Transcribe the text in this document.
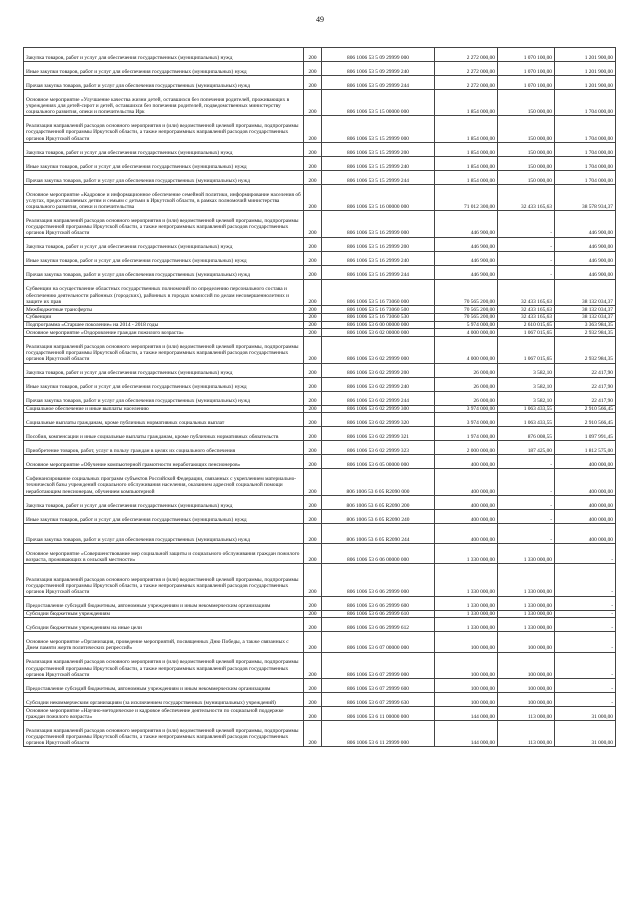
49
Закупка товаров, работ и услуг для обеспечения государственных (муниципальных) нужд	200	806 1006 53 5 09 29999 000	2 272 000,00	1 070 100,00	1 201 900,00
Иные закупки товаров, работ и услуг для обеспечения государственных (муниципальных) нужд	200	806 1006 53 5 09 29999 240	2 272 000,00	1 070 100,00	1 201 900,00
Прочая закупка товаров, работ и услуг для обеспечения государственных (муниципальных) нужд	200	806 1006 53 5 09 29999 244	2 272 000,00	1 070 100,00	1 201 900,00
Основное мероприятие «Улучшение качества жизни детей, оставшихся без попечения родителей, проживающих в учреждениях для детей-сирот и детей, оставшихся без попечения родителей, подведомственных министерству социального развития, опеки и попечительства Ирк	200	806 1006 53 5 15 00000 000	1 854 000,00	150 000,00	1 704 000,00
Реализация направлений расходов основного мероприятия и (или) ведомственной целевой программы, подпрограммы государственной программы Иркутской области, а также непрограммных направлений расходов государственных органов Иркутской области	200	806 1006 53 5 15 29999 000	1 854 000,00	150 000,00	1 704 000,00
Закупка товаров, работ и услуг для обеспечения государственных (муниципальных) нужд	200	806 1006 53 5 15 29999 200	1 854 000,00	150 000,00	1 704 000,00
Иные закупки товаров, работ и услуг для обеспечения государственных (муниципальных) нужд	200	806 1006 53 5 15 29999 240	1 854 000,00	150 000,00	1 704 000,00
Прочая закупка товаров, работ и услуг для обеспечения государственных (муниципальных) нужд	200	806 1006 53 5 15 29999 244	1 854 000,00	150 000,00	1 704 000,00
Основное мероприятие «Кадровое и информационное обеспечение семейной политики, информирование населения об услугах, предоставляемых детям и семьям с детьми в Иркутской области, в рамках полномочий министерства социального развития, опеки и попечительства	200	806 1006 53 5 16 00000 000	71 012 300,00	32 433 165,63	38 578 934,37
Реализация направлений расходов основного мероприятия и (или) ведомственной целевой программы, подпрограммы государственной программы Иркутской области, а также непрограммных направлений расходов государственных органов Иркутской области	200	806 1006 53 5 16 29999 000	446 900,00	-	446 900,00
Закупка товаров, работ и услуг для обеспечения государственных (муниципальных) нужд	200	806 1006 53 5 16 29999 200	446 900,00	-	446 900,00
Иные закупки товаров, работ и услуг для обеспечения государственных (муниципальных) нужд	200	806 1006 53 5 16 29999 240	446 900,00	-	446 900,00
Прочая закупка товаров, работ и услуг для обеспечения государственных (муниципальных) нужд	200	806 1006 53 5 16 29999 244	446 900,00	-	446 900,00
Субвенции на осуществление областных государственных полномочий по определению персонального состава и обеспечению деятельности районных (городских), районных в городах комиссий по делам несовершеннолетних и защите их прав	200	806 1006 53 5 16 73060 000	70 565 200,00	32 433 165,63	38 132 034,37
Межбюджетные трансферты	200	806 1006 53 5 16 73060 500	70 565 200,00	32 433 165,63	38 132 034,37
Субвенции	200	806 1006 53 5 16 73060 530	70 565 200,00	32 433 165,63	38 132 034,37
Подпрограмма «Старшее поколение» на 2014 - 2018 годы	200	806 1006 53 6 00 00000 000	5 974 000,00	2 610 015,65	3 363 984,35
Основное мероприятие «Оздоровление граждан пожилого возраста»	200	806 1006 53 6 02 00000 000	4 000 000,00	1 067 015,65	2 932 984,35
Реализация направлений расходов основного мероприятия и (или) ведомственной целевой программы, подпрограммы государственной программы Иркутской области, а также непрограммных направлений расходов государственных органов Иркутской области	200	806 1006 53 6 02 29999 000	4 000 000,00	1 067 015,65	2 932 984,35
Закупка товаров, работ и услуг для обеспечения государственных (муниципальных) нужд	200	806 1006 53 6 02 29999 200	26 000,00	3 582,10	22 417,90
Иные закупки товаров, работ и услуг для обеспечения государственных (муниципальных) нужд	200	806 1006 53 6 02 29999 240	26 000,00	3 582,10	22 417,90
Прочая закупка товаров, работ и услуг для обеспечения государственных (муниципальных) нужд	200	806 1006 53 6 02 29999 244	26 000,00	3 582,10	22 417,90
Социальное обеспечение и иные выплаты населению	200	806 1006 53 6 02 29999 300	3 974 000,00	1 063 433,55	2 910 566,45
Социальные выплаты гражданам, кроме публичных нормативных социальных выплат	200	806 1006 53 6 02 29999 320	3 974 000,00	1 063 433,55	2 910 566,45
Пособия, компенсации и иные социальные выплаты гражданам, кроме публичных нормативных обязательств	200	806 1006 53 6 02 29999 321	1 974 000,00	876 008,55	1 097 991,45
Приобретение товаров, работ, услуг в пользу граждан в целях их социального обеспечения	200	806 1006 53 6 02 29999 323	2 000 000,00	187 425,00	1 812 575,00
Основное мероприятие «Обучение компьютерной грамотности неработающих пенсионеров»	200	806 1006 53 6 05 00000 000	400 000,00	-	400 000,00
Софинансирование социальных программ субъектов Российской Федерации, связанных с укреплением материально-технической базы учреждений социального обслуживания населения, оказанием адресной социальной помощи неработающим пенсионерам, обучением компьютерной	200	806 1006 53 6 05 R2090 000	400 000,00	-	400 000,00
Закупка товаров, работ и услуг для обеспечения государственных (муниципальных) нужд	200	806 1006 53 6 05 R2090 200	400 000,00	-	400 000,00
Иные закупки товаров, работ и услуг для обеспечения государственных (муниципальных) нужд	200	806 1006 53 6 05 R2090 240	400 000,00	-	400 000,00
Прочая закупка товаров, работ и услуг для обеспечения государственных (муниципальных) нужд	200	806 1006 53 6 05 R2090 244	400 000,00	-	400 000,00
Основное мероприятие «Совершенствование мер социальной защиты и социального обслуживания граждан пожилого возраста, проживающих в сельской местности»	200	806 1006 53 6 06 00000 000	1 330 000,00	1 330 000,00	-
Реализация направлений расходов основного мероприятия и (или) ведомственной целевой программы, подпрограммы государственной программы Иркутской области, а также непрограммных направлений расходов государственных органов Иркутской области	200	806 1006 53 6 06 29999 000	1 330 000,00	1 330 000,00	-
Предоставление субсидий бюджетным, автономным учреждениям и иным некоммерческим организациям	200	806 1006 53 6 06 29999 600	1 330 000,00	1 330 000,00	-
Субсидии бюджетным учреждениям	200	806 1006 53 6 06 29999 610	1 330 000,00	1 330 000,00	-
Субсидии бюджетным учреждениям на иные цели	200	806 1006 53 6 06 29999 612	1 330 000,00	1 330 000,00	-
Основное мероприятие «Организация, проведение мероприятий, посвященных Дню Победы, а также связанных с Днем памяти жертв политических репрессий»	200	806 1006 53 6 07 00000 000	100 000,00	100 000,00	-
Реализация направлений расходов основного мероприятия и (или) ведомственной целевой программы, подпрограммы государственной программы Иркутской области, а также непрограммных направлений расходов государственных органов Иркутской области	200	806 1006 53 6 07 29999 000	100 000,00	100 000,00	-
Предоставление субсидий бюджетным, автономным учреждениям и иным некоммерческим организациям	200	806 1006 53 6 07 29999 600	100 000,00	100 000,00	-
Субсидии некоммерческим организациям (за исключением государственных (муниципальных) учреждений)	200	806 1006 53 6 07 29999 630	100 000,00	100 000,00	-
Основное мероприятие «Научно-методическое и кадровое обеспечение деятельности по социальной поддержке граждан пожилого возраста»	200	806 1006 53 6 11 00000 000	144 000,00	113 000,00	31 000,00
Реализация направлений расходов основного мероприятия и (или) ведомственной целевой программы, подпрограммы государственной программы Иркутской области, а также непрограммных направлений расходов государственных органов Иркутской области	200	806 1006 53 6 11 29999 000	144 000,00	113 000,00	31 000,00
